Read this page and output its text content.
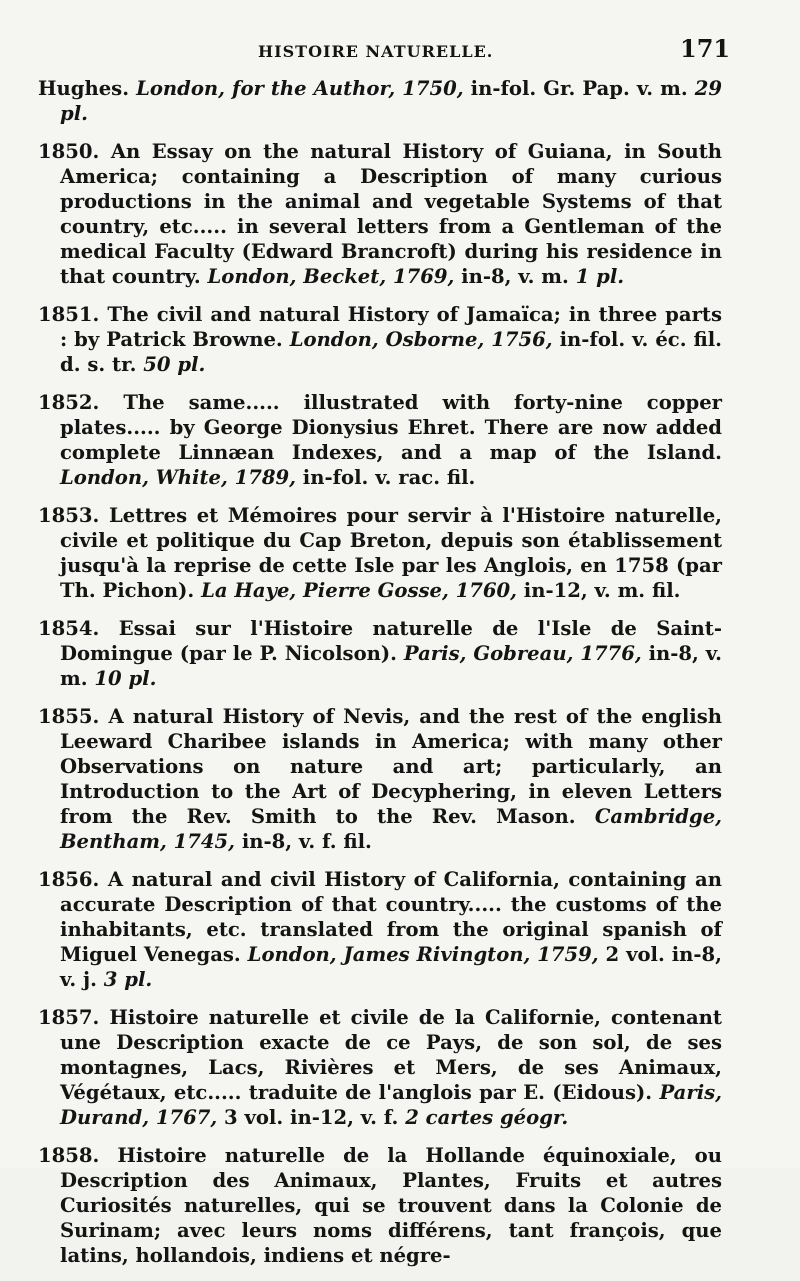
HISTOIRE NATURELLE.	171

Hughes. London, for the Author, 1750, in-fol. Gr. Pap. v. m. 29 pl.

1850. An Essay on the natural History of Guiana, in South America; containing a Description of many curious productions in the animal and vegetable Systems of that country, etc..... in several letters from a Gentleman of the medical Faculty (Edward Brancroft) during his residence in that country. London, Becket, 1769, in-8, v. m. 1 pl.

1851. The civil and natural History of Jamaïca; in three parts : by Patrick Browne. London, Osborne, 1756, in-fol. v. éc. fil. d. s. tr. 50 pl.

1852. The same..... illustrated with forty-nine copper plates..... by George Dionysius Ehret. There are now added complete Linnæan Indexes, and a map of the Island. London, White, 1789, in-fol. v. rac. fil.

1853. Lettres et Mémoires pour servir à l'Histoire naturelle, civile et politique du Cap Breton, depuis son établissement jusqu'à la reprise de cette Isle par les Anglois, en 1758 (par Th. Pichon). La Haye, Pierre Gosse, 1760, in-12, v. m. fil.

1854. Essai sur l'Histoire naturelle de l'Isle de Saint-Domingue (par le P. Nicolson). Paris, Gobreau, 1776, in-8, v. m. 10 pl.

1855. A natural History of Nevis, and the rest of the english Leeward Charibee islands in America; with many other Observations on nature and art; particularly, an Introduction to the Art of Decyphering, in eleven Letters from the Rev. Smith to the Rev. Mason. Cambridge, Bentham, 1745, in-8, v. f. fil.

1856. A natural and civil History of California, containing an accurate Description of that country..... the customs of the inhabitants, etc. translated from the original spanish of Miguel Venegas. London, James Rivington, 1759, 2 vol. in-8, v. j. 3 pl.

1857. Histoire naturelle et civile de la Californie, contenant une Description exacte de ce Pays, de son sol, de ses montagnes, Lacs, Rivières et Mers, de ses Animaux, Végétaux, etc..... traduite de l'anglois par E. (Eidous). Paris, Durand, 1767, 3 vol. in-12, v. f. 2 cartes géogr.

1858. Histoire naturelle de la Hollande équinoxiale, ou Description des Animaux, Plantes, Fruits et autres Curiosités naturelles, qui se trouvent dans la Colonie de Surinam; avec leurs noms différens, tant françois, que latins, hollandois, indiens et négre-
